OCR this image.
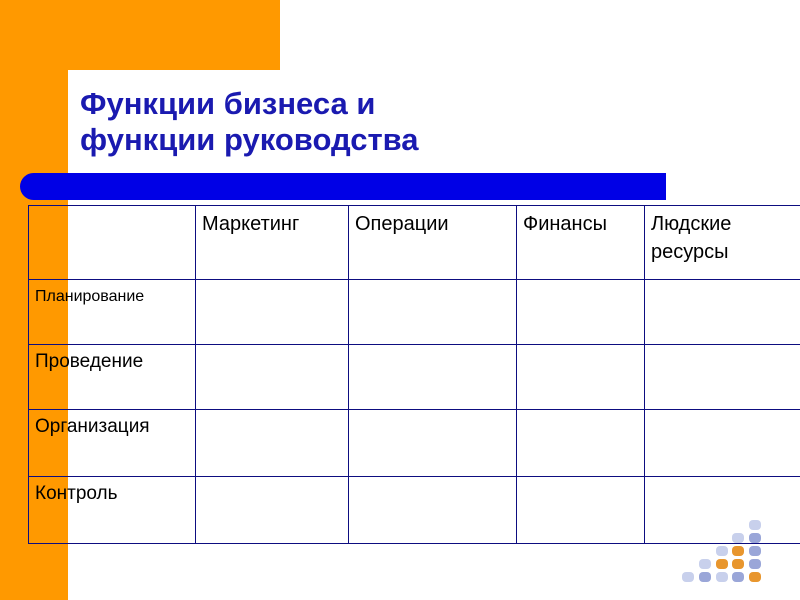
Функции бизнеса и
функции руководства
	Маркетинг	Операции	Финансы	Людские ресурсы
Планирование				
Проведение				
Организация				
Контроль				
